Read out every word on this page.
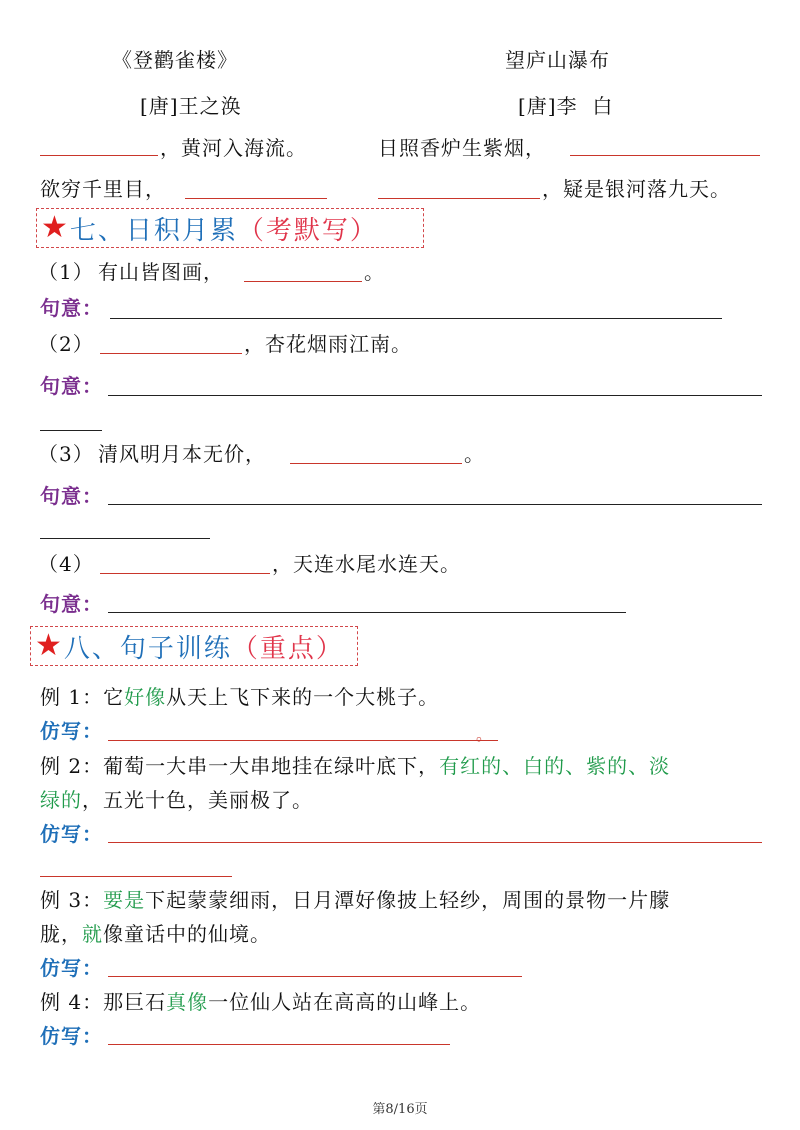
《登鹳雀楼》	望庐山瀑布
[唐]王之涣	[唐]李  白
，黄河入海流。	日照香炉生紫烟，
欲穷千里目，	，疑是银河落九天。
★ 七、日积月累 （考默写）
（1） 有山皆图画，	。
句意：
（2）	，杏花烟雨江南。
句意：
（3） 清风明月本无价，	。
句意：
（4）	，天连水尾水连天。
句意：
★ 八、句子训练 （重点）
例 1：它好像从天上飞下来的一个大桃子。
仿写：	。
例 2：葡萄一大串一大串地挂在绿叶底下，有红的、白的、紫的、淡
绿的，五光十色，美丽极了。
仿写：
例 3：要是下起蒙蒙细雨，日月潭好像披上轻纱，周围的景物一片朦
胧，就像童话中的仙境。
仿写：
例 4：那巨石真像一位仙人站在高高的山峰上。
仿写：
第8/16页
